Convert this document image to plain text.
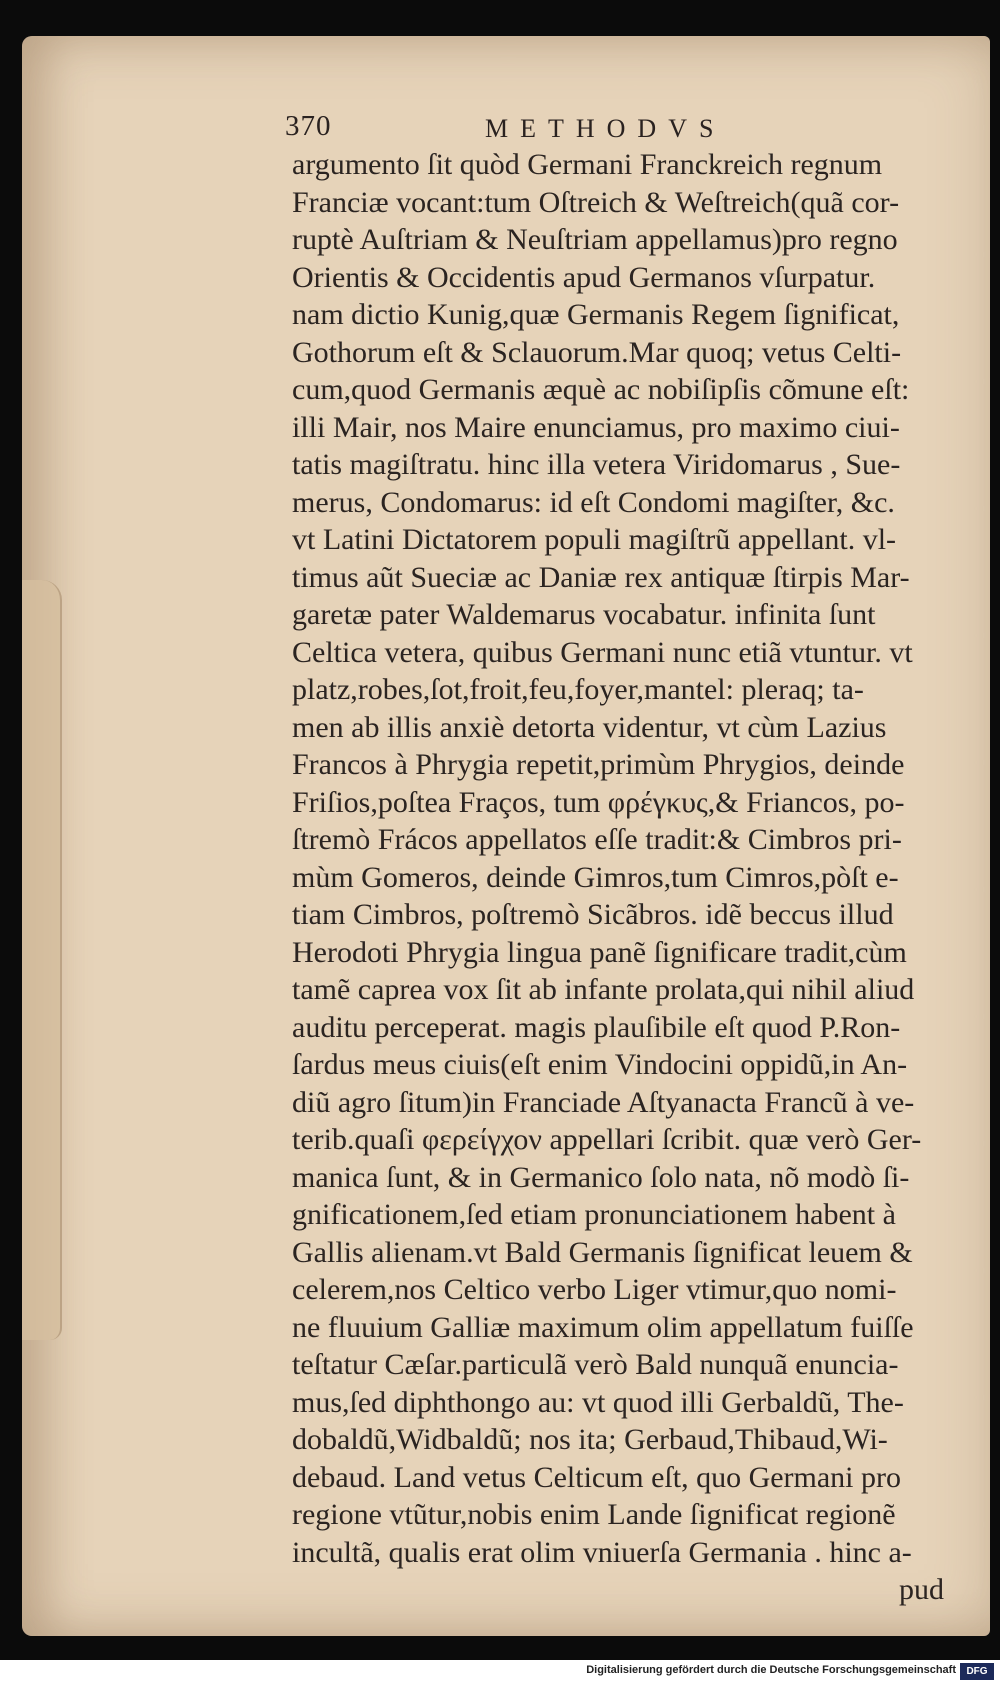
370	METHODVS
argumento ſit quòd Germani Franckreich regnum
Franciæ vocant:tum Oſtreich & Weſtreich(quã cor-
ruptè Auſtriam & Neuſtriam appellamus)pro regno
Orientis & Occidentis apud Germanos vſurpatur.
nam dictio Kunig,quæ Germanis Regem ſignificat,
Gothorum eſt & Sclauorum.Mar quoq; vetus Celti-
cum,quod Germanis æquè ac nobiſipſis cõmune eſt:
illi Mair, nos Maire enunciamus, pro maximo ciui-
tatis magiſtratu. hinc illa vetera Viridomarus , Sue-
merus, Condomarus: id eſt Condomi magiſter, &c.
vt Latini Dictatorem populi magiſtrũ appellant. vl-
timus aũt Sueciæ ac Daniæ rex antiquæ ſtirpis Mar-
garetæ pater Waldemarus vocabatur. infinita ſunt
Celtica vetera, quibus Germani nunc etiã vtuntur. vt
platz,robes,ſot,froit,feu,foyer,mantel: pleraq; ta-
men ab illis anxiè detorta videntur, vt cùm Lazius
Francos à Phrygia repetit,primùm Phrygios, deinde
Friſios,poſtea Fraços, tum φρέγκυς,& Friancos, po-
ſtremò Frácos appellatos eſſe tradit:& Cimbros pri-
mùm Gomeros, deinde Gimros,tum Cimros,pòſt e-
tiam Cimbros, poſtremò Sicãbros. idẽ beccus illud
Herodoti Phrygia lingua panẽ ſignificare tradit,cùm
tamẽ caprea vox ſit ab infante prolata,qui nihil aliud
auditu perceperat. magis plauſibile eſt quod P.Ron-
ſardus meus ciuis(eſt enim Vindocini oppidũ,in An-
diũ agro ſitum)in Franciade Aſtyanacta Francũ à ve-
terib.quaſi φερείγχον appellari ſcribit. quæ verò Ger-
manica ſunt, & in Germanico ſolo nata, nõ modò ſi-
gnificationem,ſed etiam pronunciationem habent à
Gallis alienam.vt Bald Germanis ſignificat leuem &
celerem,nos Celtico verbo Liger vtimur,quo nomi-
ne fluuium Galliæ maximum olim appellatum fuiſſe
teſtatur Cæſar.particulã verò Bald nunquã enuncia-
mus,ſed diphthongo au: vt quod illi Gerbaldũ, The-
dobaldũ,Widbaldũ; nos ita; Gerbaud,Thibaud,Wi-
debaud. Land vetus Celticum eſt, quo Germani pro
regione vtũtur,nobis enim Lande ſignificat regionẽ
incultã, qualis erat olim vniuerſa Germania . hinc a-
pud
Digitalisierung gefördert durch die Deutsche Forschungsgemeinschaft	DFG
